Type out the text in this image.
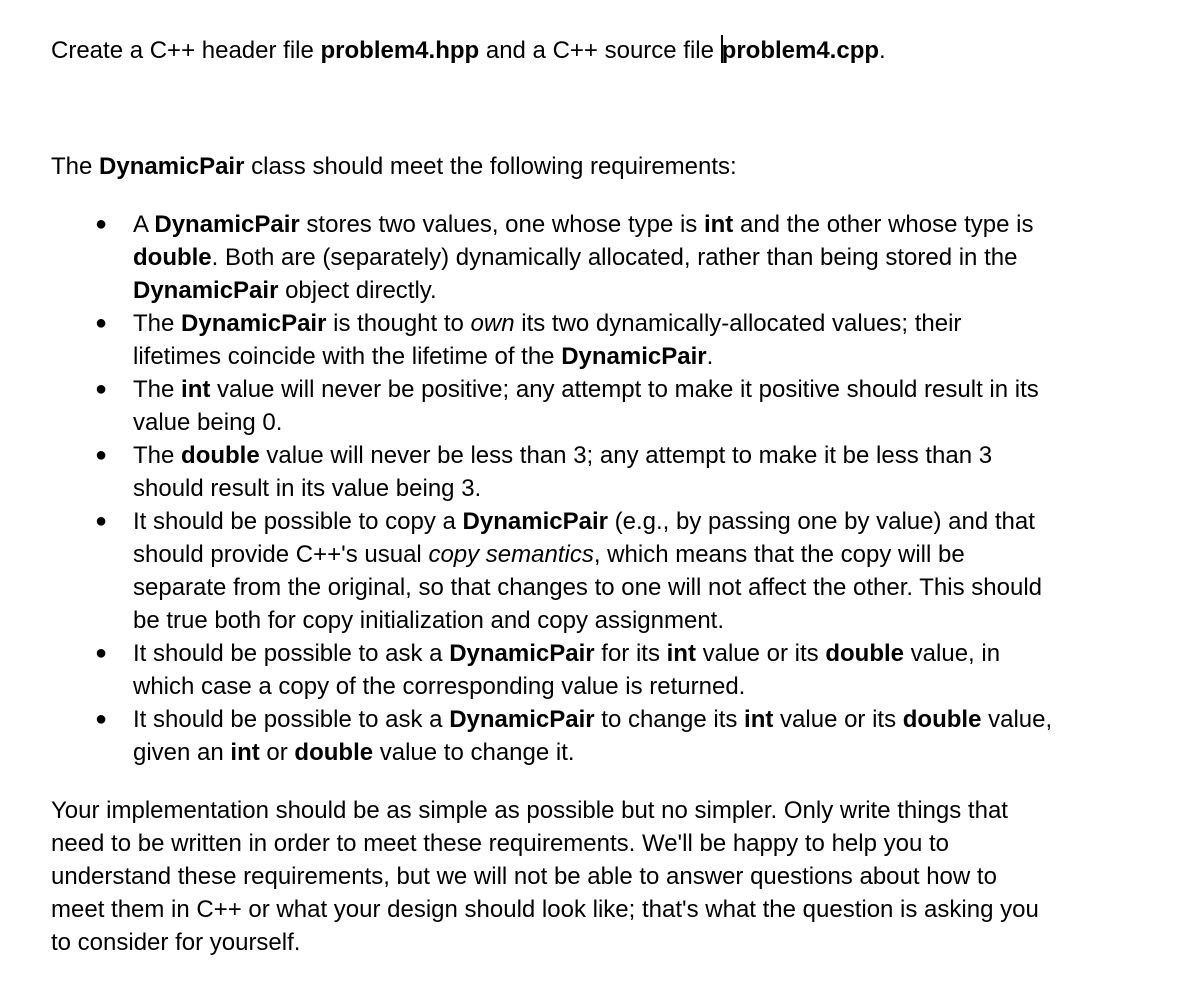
Create a C++ header file problem4.hpp and a C++ source file problem4.cpp.

The DynamicPair class should meet the following requirements:

● A DynamicPair stores two values, one whose type is int and the other whose type is
double. Both are (separately) dynamically allocated, rather than being stored in the
DynamicPair object directly.
● The DynamicPair is thought to own its two dynamically-allocated values; their
lifetimes coincide with the lifetime of the DynamicPair.
● The int value will never be positive; any attempt to make it positive should result in its
value being 0.
● The double value will never be less than 3; any attempt to make it be less than 3
should result in its value being 3.
● It should be possible to copy a DynamicPair (e.g., by passing one by value) and that
should provide C++'s usual copy semantics, which means that the copy will be
separate from the original, so that changes to one will not affect the other. This should
be true both for copy initialization and copy assignment.
● It should be possible to ask a DynamicPair for its int value or its double value, in
which case a copy of the corresponding value is returned.
● It should be possible to ask a DynamicPair to change its int value or its double value,
given an int or double value to change it.

Your implementation should be as simple as possible but no simpler. Only write things that
need to be written in order to meet these requirements. We'll be happy to help you to
understand these requirements, but we will not be able to answer questions about how to
meet them in C++ or what your design should look like; that's what the question is asking you
to consider for yourself.
